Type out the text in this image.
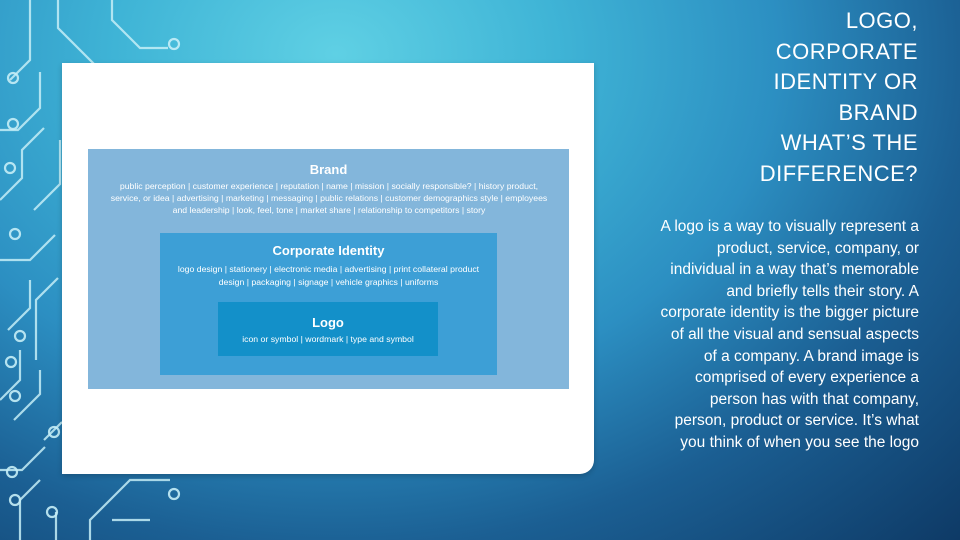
Brand
public perception | customer experience | reputation | name | mission | socially responsible? | history product, service, or idea | advertising | marketing | messaging | public relations | customer demographics style | employees and leadership | look, feel, tone | market share | relationship to competitors | story
Corporate Identity
logo design | stationery | electronic media | advertising | print collateral product design | packaging | signage | vehicle graphics | uniforms
Logo
icon or symbol | wordmark | type and symbol
LOGO,
CORPORATE
IDENTITY OR
BRAND
WHAT’S THE
DIFFERENCE?
A logo is a way to visually represent a product, service, company, or individual in a way that’s memorable and briefly tells their story. A corporate identity is the bigger picture of all the visual and sensual aspects of a company. A brand image is comprised of every experience a person has with that company, person, product or service. It’s what you think of when you see the logo
